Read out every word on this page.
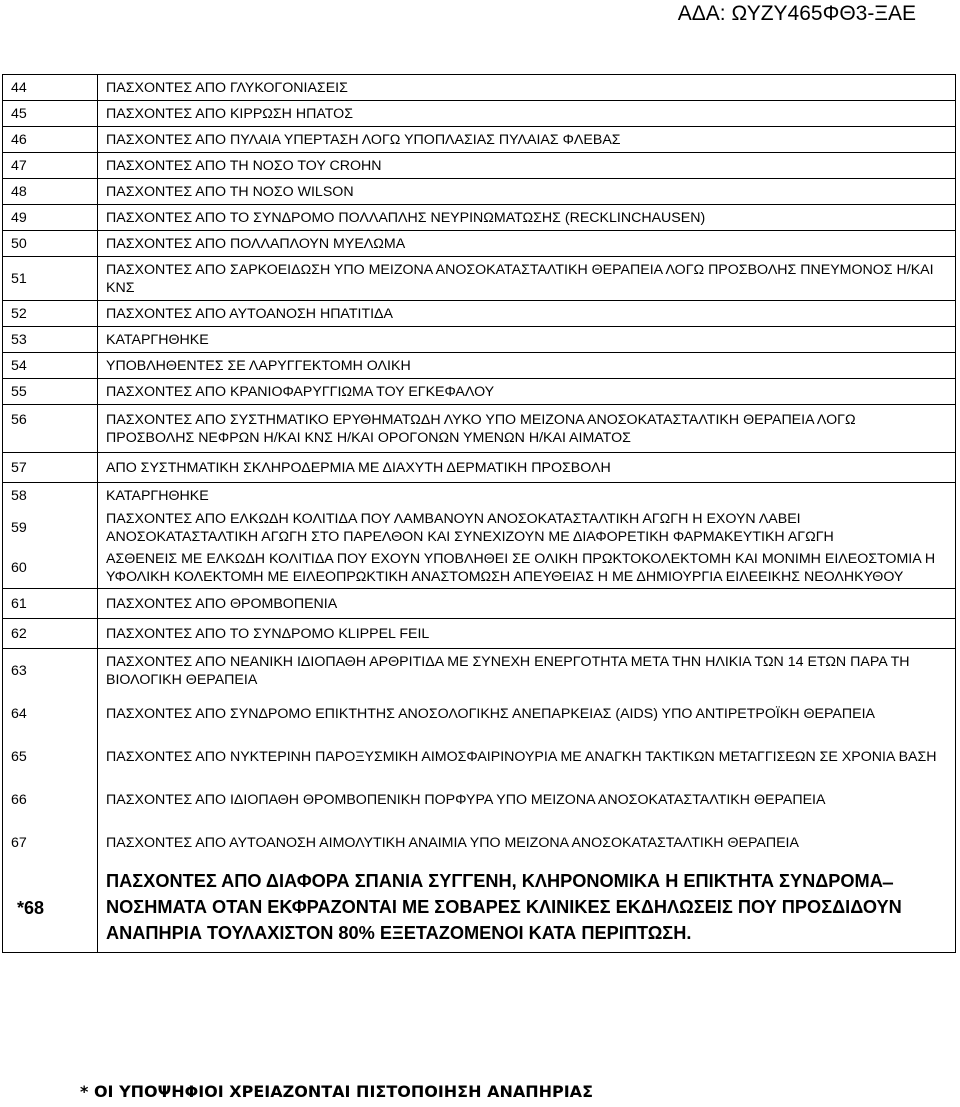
ΑΔΑ: ΩΥΖΥ465ΦΘ3-ΞΑΕ
44	ΠΑΣΧΟΝΤΕΣ ΑΠΟ ΓΛΥΚΟΓΟΝΙΑΣΕΙΣ
45	ΠΑΣΧΟΝΤΕΣ ΑΠΟ ΚΙΡΡΩΣΗ ΗΠΑΤΟΣ
46	ΠΑΣΧΟΝΤΕΣ ΑΠΟ ΠΥΛΑΙΑ ΥΠΕΡΤΑΣΗ ΛΟΓΩ ΥΠΟΠΛΑΣΙΑΣ ΠΥΛΑΙΑΣ ΦΛΕΒΑΣ
47	ΠΑΣΧΟΝΤΕΣ ΑΠΟ ΤΗ ΝΟΣΟ ΤΟΥ CROHN
48	ΠΑΣΧΟΝΤΕΣ ΑΠΟ ΤΗ ΝΟΣΟ WILSON
49	ΠΑΣΧΟΝΤΕΣ ΑΠΟ ΤΟ ΣΥΝΔΡΟΜΟ ΠΟΛΛΑΠΛΗΣ ΝΕΥΡΙΝΩΜΑΤΩΣΗΣ (RECKLINCHAUSEN)
50	ΠΑΣΧΟΝΤΕΣ ΑΠΟ ΠΟΛΛΑΠΛΟΥΝ ΜΥΕΛΩΜΑ
51	ΠΑΣΧΟΝΤΕΣ ΑΠΟ ΣΑΡΚΟΕΙΔΩΣΗ ΥΠΟ ΜΕΙΖΟΝΑ ΑΝΟΣΟΚΑΤΑΣΤΑΛΤΙΚΗ ΘΕΡΑΠΕΙΑ ΛΟΓΩ ΠΡΟΣΒΟΛΗΣ ΠΝΕΥΜΟΝΟΣ Η/ΚΑΙ ΚΝΣ
52	ΠΑΣΧΟΝΤΕΣ ΑΠΟ ΑΥΤΟΑΝΟΣΗ ΗΠΑΤΙΤΙΔΑ
53	ΚΑΤΑΡΓΗΘΗΚΕ
54	ΥΠΟΒΛΗΘΕΝΤΕΣ ΣΕ ΛΑΡΥΓΓΕΚΤΟΜΗ ΟΛΙΚΗ
55	ΠΑΣΧΟΝΤΕΣ ΑΠΟ ΚΡΑΝΙΟΦΑΡΥΓΓΙΩΜΑ ΤΟΥ ΕΓΚΕΦΑΛΟΥ
56	ΠΑΣΧΟΝΤΕΣ ΑΠΟ ΣΥΣΤΗΜΑΤΙΚΟ ΕΡΥΘΗΜΑΤΩΔΗ ΛΥΚΟ ΥΠΟ ΜΕΙΖΟΝΑ ΑΝΟΣΟΚΑΤΑΣΤΑΛΤΙΚΗ ΘΕΡΑΠΕΙΑ ΛΟΓΩ ΠΡΟΣΒΟΛΗΣ ΝΕΦΡΩΝ Η/ΚΑΙ ΚΝΣ Η/ΚΑΙ ΟΡΟΓΟΝΩΝ ΥΜΕΝΩΝ Η/ΚΑΙ ΑΙΜΑΤΟΣ
57	ΑΠΟ ΣΥΣΤΗΜΑΤΙΚΗ ΣΚΛΗΡΟΔΕΡΜΙΑ ΜΕ ΔΙΑΧΥΤΗ ΔΕΡΜΑΤΙΚΗ ΠΡΟΣΒΟΛΗ
58	ΚΑΤΑΡΓΗΘΗΚΕ
59	ΠΑΣΧΟΝΤΕΣ ΑΠΟ ΕΛΚΩΔΗ ΚΟΛΙΤΙΔΑ ΠΟΥ ΛΑΜΒΑΝΟΥΝ ΑΝΟΣΟΚΑΤΑΣΤΑΛΤΙΚΗ ΑΓΩΓΗ Η ΕΧΟΥΝ ΛΑΒΕΙ ΑΝΟΣΟΚΑΤΑΣΤΑΛΤΙΚΗ ΑΓΩΓΗ ΣΤΟ ΠΑΡΕΛΘΟΝ ΚΑΙ ΣΥΝΕΧΙΖΟΥΝ ΜΕ ΔΙΑΦΟΡΕΤΙΚΗ ΦΑΡΜΑΚΕΥΤΙΚΗ ΑΓΩΓΗ
60	ΑΣΘΕΝΕΙΣ ΜΕ ΕΛΚΩΔΗ ΚΟΛΙΤΙΔΑ ΠΟΥ ΕΧΟΥΝ ΥΠΟΒΛΗΘΕΙ ΣΕ ΟΛΙΚΗ ΠΡΩΚΤΟΚΟΛΕΚΤΟΜΗ ΚΑΙ ΜΟΝΙΜΗ ΕΙΛΕΟΣΤΟΜΙΑ Η ΥΦΟΛΙΚΗ ΚΟΛΕΚΤΟΜΗ ΜΕ ΕΙΛΕΟΠΡΩΚΤΙΚΗ ΑΝΑΣΤΟΜΩΣΗ ΑΠΕΥΘΕΙΑΣ Η ΜΕ ΔΗΜΙΟΥΡΓΙΑ ΕΙΛΕΕΙΚΗΣ ΝΕΟΛΗΚΥΘΟΥ
61	ΠΑΣΧΟΝΤΕΣ ΑΠΟ ΘΡΟΜΒΟΠΕΝΙΑ
62	ΠΑΣΧΟΝΤΕΣ ΑΠΟ ΤΟ ΣΥΝΔΡΟΜΟ KLIPPEL FEIL
63	ΠΑΣΧΟΝΤΕΣ ΑΠΟ ΝΕΑΝΙΚΗ ΙΔΙΟΠΑΘΗ ΑΡΘΡΙΤΙΔΑ ΜΕ ΣΥΝΕΧΗ ΕΝΕΡΓΟΤΗΤΑ ΜΕΤΑ ΤΗΝ ΗΛΙΚΙΑ ΤΩΝ 14 ΕΤΩΝ ΠΑΡΑ ΤΗ ΒΙΟΛΟΓΙΚΗ ΘΕΡΑΠΕΙΑ
64	ΠΑΣΧΟΝΤΕΣ ΑΠΟ ΣΥΝΔΡΟΜΟ ΕΠΙΚΤΗΤΗΣ ΑΝΟΣΟΛΟΓΙΚΗΣ ΑΝΕΠΑΡΚΕΙΑΣ (AIDS) ΥΠΟ ΑΝΤΙΡΕΤΡΟΪΚΗ ΘΕΡΑΠΕΙΑ
65	ΠΑΣΧΟΝΤΕΣ ΑΠΟ ΝΥΚΤΕΡΙΝΗ ΠΑΡΟΞΥΣΜΙΚΗ ΑΙΜΟΣΦΑΙΡΙΝΟΥΡΙΑ ΜΕ ΑΝΑΓΚΗ ΤΑΚΤΙΚΩΝ ΜΕΤΑΓΓΙΣΕΩΝ ΣΕ ΧΡΟΝΙΑ ΒΑΣΗ
66	ΠΑΣΧΟΝΤΕΣ ΑΠΟ ΙΔΙΟΠΑΘΗ ΘΡΟΜΒΟΠΕΝΙΚΗ ΠΟΡΦΥΡΑ ΥΠΟ ΜΕΙΖΟΝΑ ΑΝΟΣΟΚΑΤΑΣΤΑΛΤΙΚΗ ΘΕΡΑΠΕΙΑ
67	ΠΑΣΧΟΝΤΕΣ ΑΠΟ ΑΥΤΟΑΝΟΣΗ ΑΙΜΟΛΥΤΙΚΗ ΑΝΑΙΜΙΑ ΥΠΟ ΜΕΙΖΟΝΑ ΑΝΟΣΟΚΑΤΑΣΤΑΛΤΙΚΗ ΘΕΡΑΠΕΙΑ
*68	ΠΑΣΧΟΝΤΕΣ ΑΠΟ ΔΙΑΦΟΡΑ ΣΠΑΝΙΑ ΣΥΓΓΕΝΗ, ΚΛΗΡΟΝΟΜΙΚΑ Η ΕΠΙΚΤΗΤΑ ΣΥΝΔΡΟΜΑ ̶ ΝΟΣΗΜΑΤΑ ΟΤΑΝ ΕΚΦΡΑΖΟΝΤΑΙ ΜΕ ΣΟΒΑΡΕΣ ΚΛΙΝΙΚΕΣ ΕΚΔΗΛΩΣΕΙΣ ΠΟΥ ΠΡΟΣΔΙΔΟΥΝ ΑΝΑΠΗΡΙΑ ΤΟΥΛΑΧΙΣΤΟΝ 80% ΕΞΕΤΑΖΟΜΕΝΟΙ ΚΑΤΑ ΠΕΡΙΠΤΩΣΗ.
* ΟΙ ΥΠΟΨΗΦΙΟΙ ΧΡΕΙΑΖΟΝΤΑΙ ΠΙΣΤΟΠΟΙΗΣΗ ΑΝΑΠΗΡΙΑΣ
